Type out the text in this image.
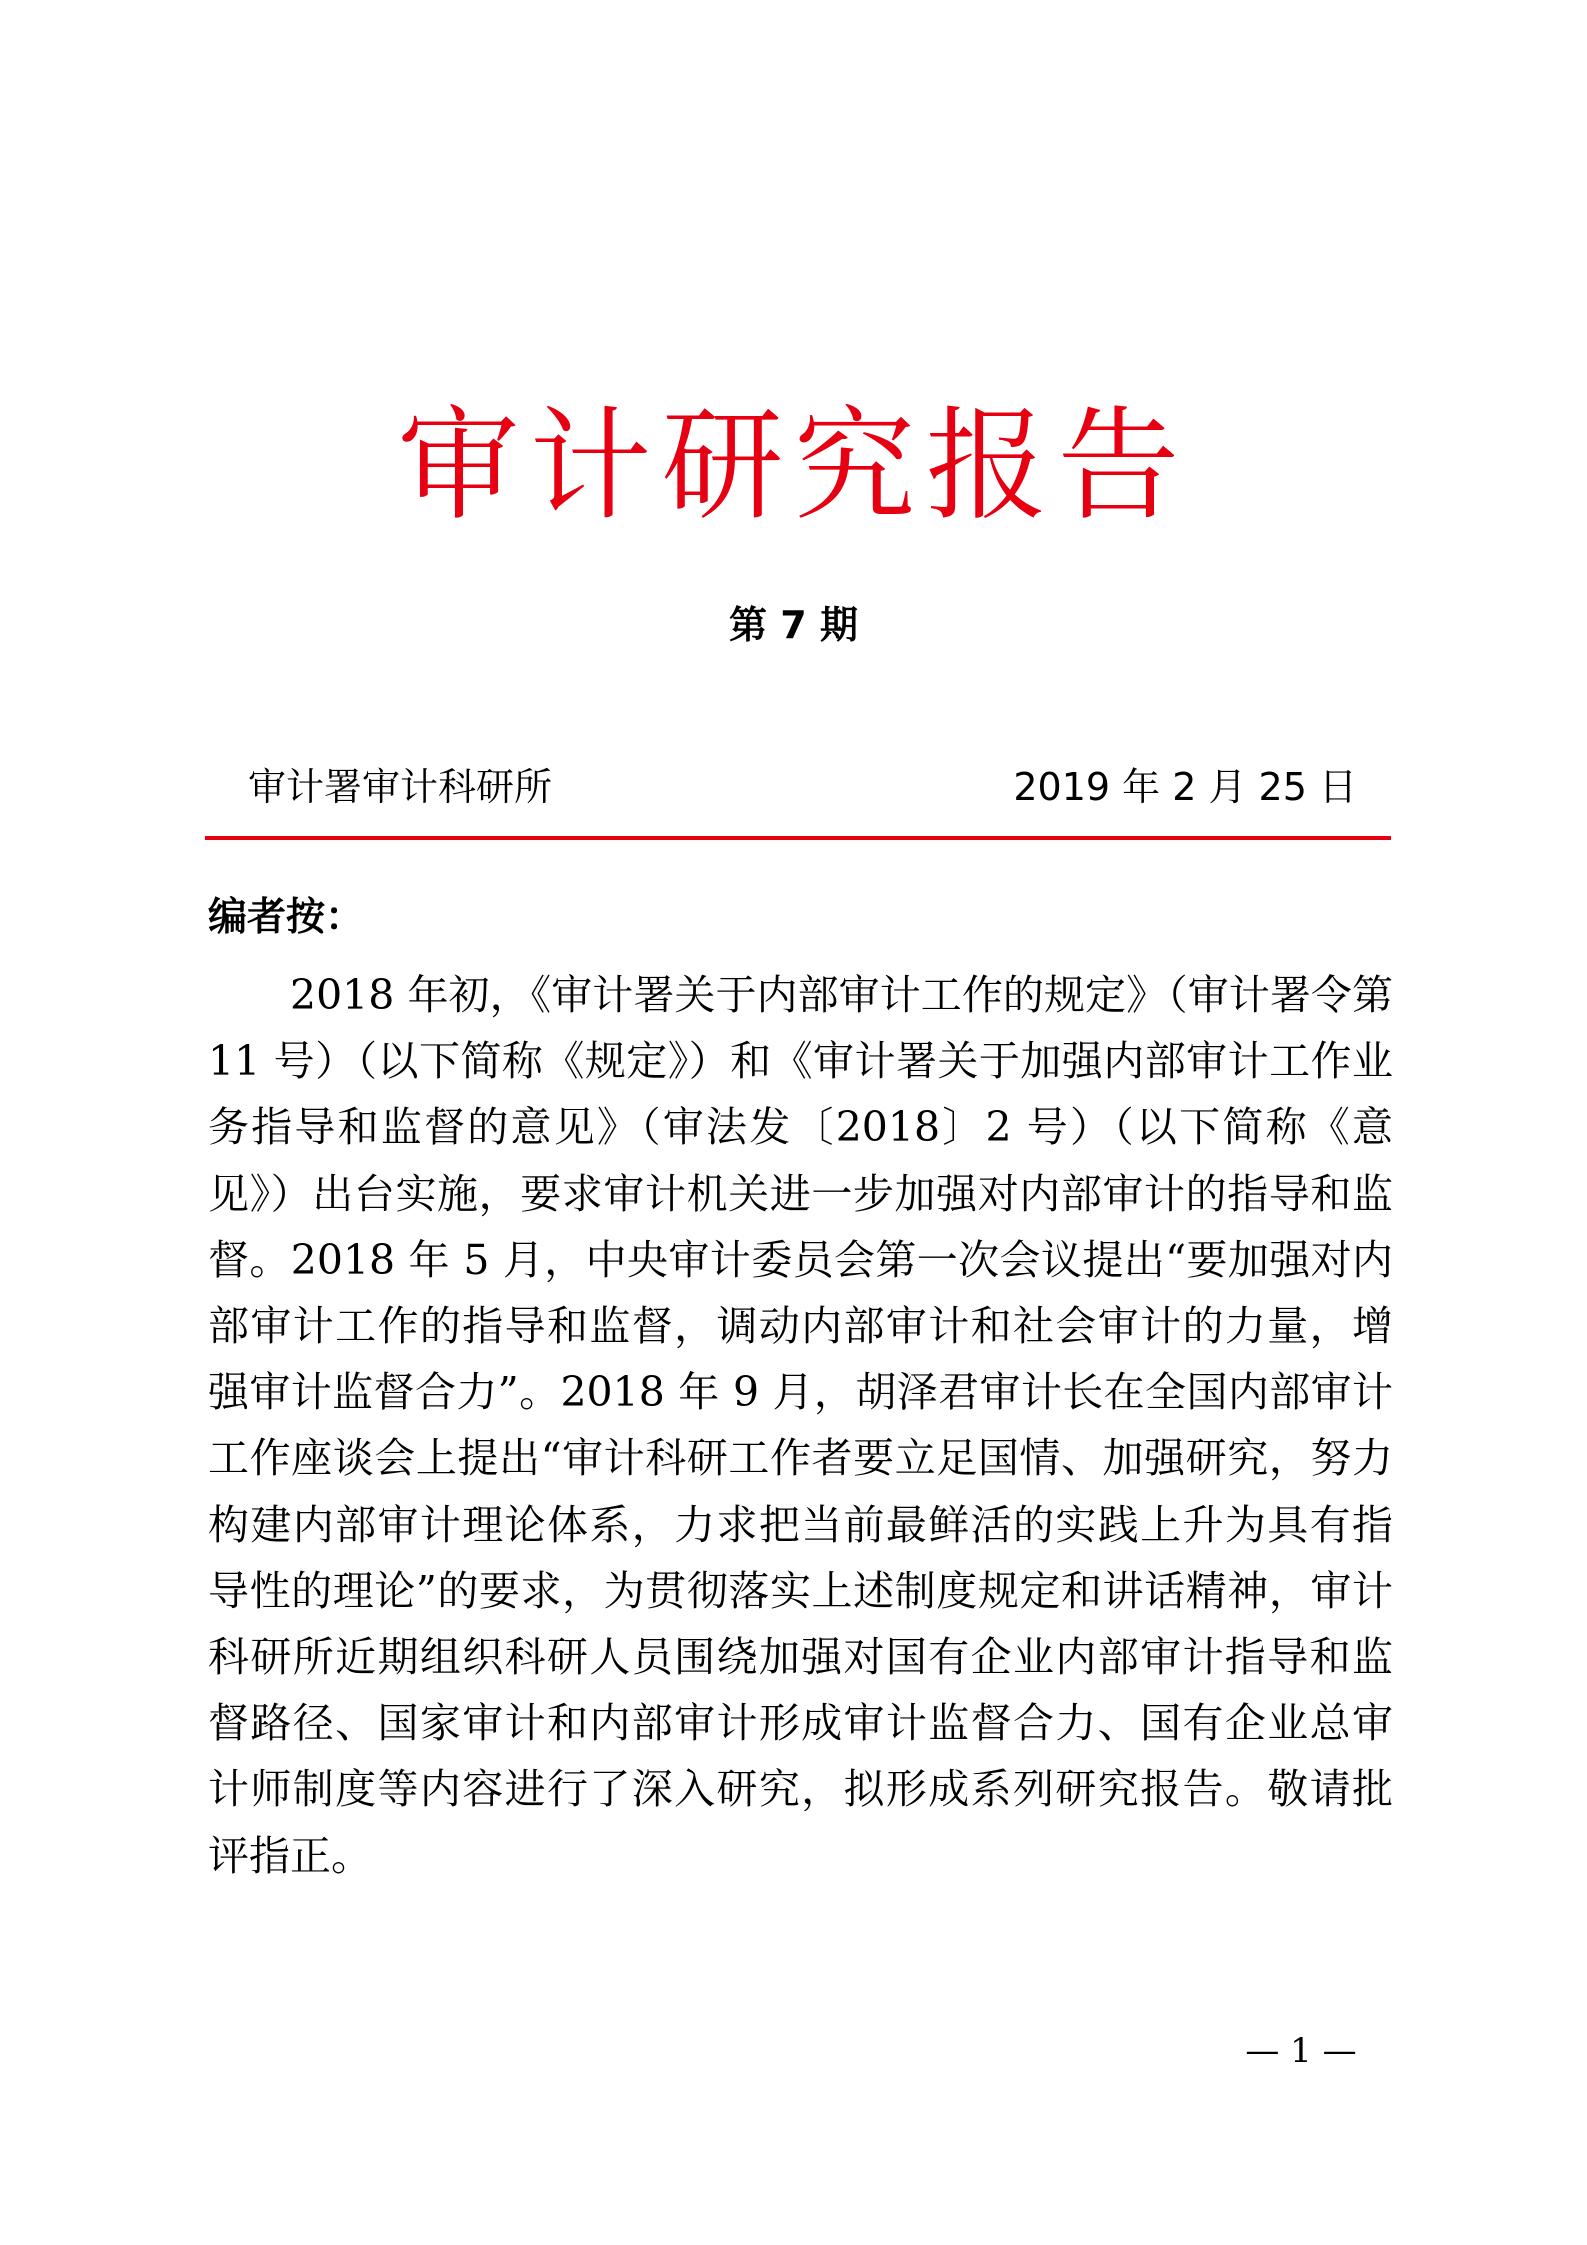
审计研究报告
第 7 期
审计署审计科研所	2019 年 2 月 25 日
编者按：

2018 年初，《审计署关于内部审计工作的规定》（审计署令第 11 号）（以下简称《规定》）和《审计署关于加强内部审计工作业务指导和监督的意见》（审法发〔2018〕2 号）（以下简称《意见》）出台实施，要求审计机关进一步加强对内部审计的指导和监督。2018 年 5 月，中央审计委员会第一次会议提出“要加强对内部审计工作的指导和监督，调动内部审计和社会审计的力量，增强审计监督合力”。2018 年 9 月，胡泽君审计长在全国内部审计工作座谈会上提出“审计科研工作者要立足国情、加强研究，努力构建内部审计理论体系，力求把当前最鲜活的实践上升为具有指导性的理论”的要求，为贯彻落实上述制度规定和讲话精神，审计科研所近期组织科研人员围绕加强对国有企业内部审计指导和监督路径、国家审计和内部审计形成审计监督合力、国有企业总审计师制度等内容进行了深入研究，拟形成系列研究报告。敬请批评指正。

— 1 —
